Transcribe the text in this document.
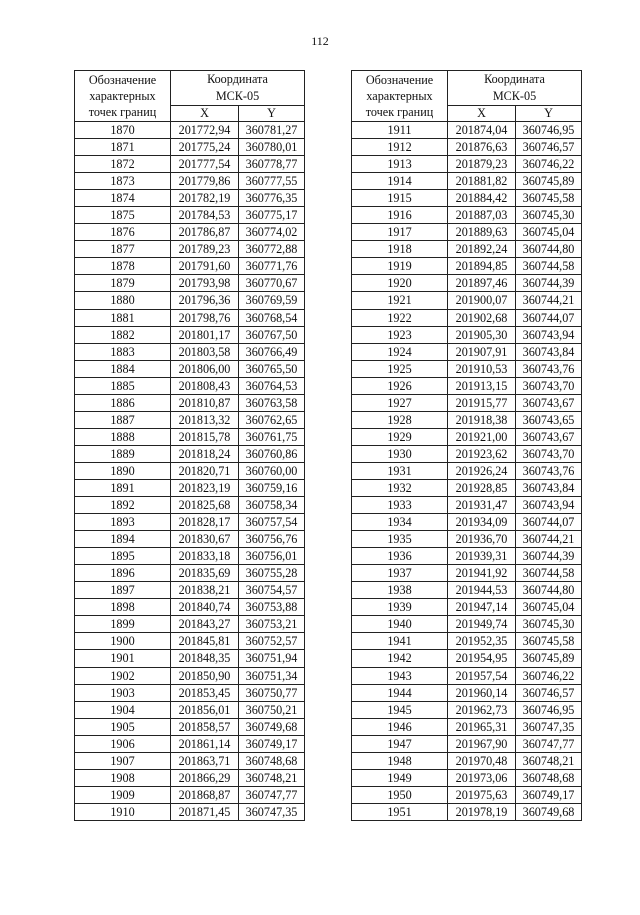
112
Обозначение
характерных
точек границ	Координата
МСК-05	
	X	Y
1870	201772,94	360781,27
1871	201775,24	360780,01
1872	201777,54	360778,77
1873	201779,86	360777,55
1874	201782,19	360776,35
1875	201784,53	360775,17
1876	201786,87	360774,02
1877	201789,23	360772,88
1878	201791,60	360771,76
1879	201793,98	360770,67
1880	201796,36	360769,59
1881	201798,76	360768,54
1882	201801,17	360767,50
1883	201803,58	360766,49
1884	201806,00	360765,50
1885	201808,43	360764,53
1886	201810,87	360763,58
1887	201813,32	360762,65
1888	201815,78	360761,75
1889	201818,24	360760,86
1890	201820,71	360760,00
1891	201823,19	360759,16
1892	201825,68	360758,34
1893	201828,17	360757,54
1894	201830,67	360756,76
1895	201833,18	360756,01
1896	201835,69	360755,28
1897	201838,21	360754,57
1898	201840,74	360753,88
1899	201843,27	360753,21
1900	201845,81	360752,57
1901	201848,35	360751,94
1902	201850,90	360751,34
1903	201853,45	360750,77
1904	201856,01	360750,21
1905	201858,57	360749,68
1906	201861,14	360749,17
1907	201863,71	360748,68
1908	201866,29	360748,21
1909	201868,87	360747,77
1910	201871,45	360747,35
Обозначение
характерных
точек границ	Координата
МСК-05	
	X	Y
1911	201874,04	360746,95
1912	201876,63	360746,57
1913	201879,23	360746,22
1914	201881,82	360745,89
1915	201884,42	360745,58
1916	201887,03	360745,30
1917	201889,63	360745,04
1918	201892,24	360744,80
1919	201894,85	360744,58
1920	201897,46	360744,39
1921	201900,07	360744,21
1922	201902,68	360744,07
1923	201905,30	360743,94
1924	201907,91	360743,84
1925	201910,53	360743,76
1926	201913,15	360743,70
1927	201915,77	360743,67
1928	201918,38	360743,65
1929	201921,00	360743,67
1930	201923,62	360743,70
1931	201926,24	360743,76
1932	201928,85	360743,84
1933	201931,47	360743,94
1934	201934,09	360744,07
1935	201936,70	360744,21
1936	201939,31	360744,39
1937	201941,92	360744,58
1938	201944,53	360744,80
1939	201947,14	360745,04
1940	201949,74	360745,30
1941	201952,35	360745,58
1942	201954,95	360745,89
1943	201957,54	360746,22
1944	201960,14	360746,57
1945	201962,73	360746,95
1946	201965,31	360747,35
1947	201967,90	360747,77
1948	201970,48	360748,21
1949	201973,06	360748,68
1950	201975,63	360749,17
1951	201978,19	360749,68
